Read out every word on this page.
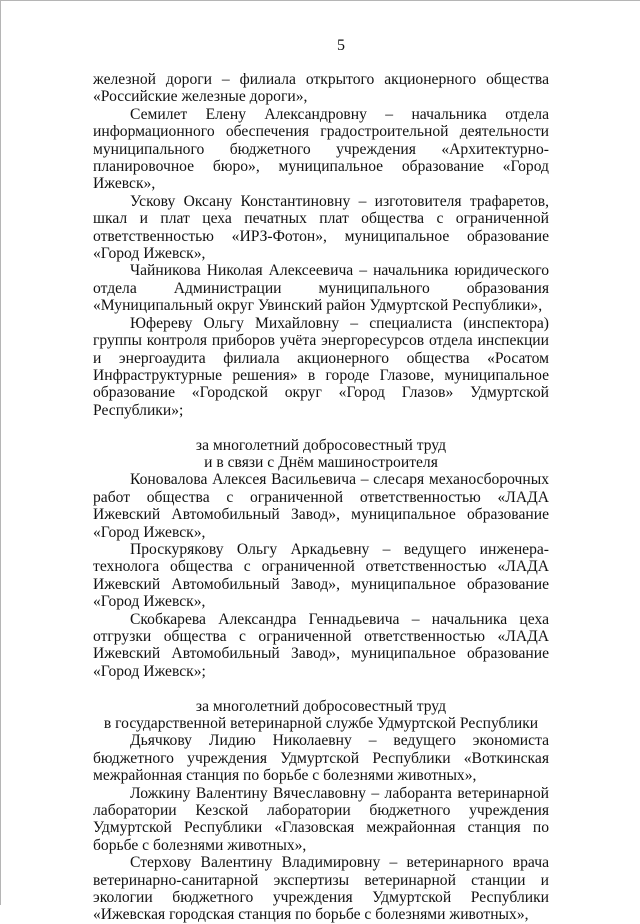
5

железной дороги – филиала открытого акционерного общества «Российские железные дороги»,

Семилет Елену Александровну – начальника отдела информационного обеспечения градостроительной деятельности муниципального бюджетного учреждения «Архитектурно-планировочное бюро», муниципальное образование «Город Ижевск»,

Ускову Оксану Константиновну – изготовителя трафаретов, шкал и плат цеха печатных плат общества с ограниченной ответственностью «ИРЗ-Фотон», муниципальное образование «Город Ижевск»,

Чайникова Николая Алексеевича – начальника юридического отдела Администрации муниципального образования «Муниципальный округ Увинский район Удмуртской Республики»,

Юфереву Ольгу Михайловну – специалиста (инспектора) группы контроля приборов учёта энергоресурсов отдела инспекции и энергоаудита филиала акционерного общества «Росатом Инфраструктурные решения» в городе Глазове, муниципальное образование «Городской округ «Город Глазов» Удмуртской Республики»;

за многолетний добросовестный труд

и в связи с Днём машиностроителя

Коновалова Алексея Васильевича – слесаря механосборочных работ общества с ограниченной ответственностью «ЛАДА Ижевский Автомобильный Завод», муниципальное образование «Город Ижевск»,

Проскурякову Ольгу Аркадьевну – ведущего инженера-технолога общества с ограниченной ответственностью «ЛАДА Ижевский Автомобильный Завод», муниципальное образование «Город Ижевск»,

Скобкарева Александра Геннадьевича – начальника цеха отгрузки общества с ограниченной ответственностью «ЛАДА Ижевский Автомобильный Завод», муниципальное образование «Город Ижевск»;

за многолетний добросовестный труд

в государственной ветеринарной службе Удмуртской Республики

Дьячкову Лидию Николаевну – ведущего экономиста бюджетного учреждения Удмуртской Республики «Воткинская межрайонная станция по борьбе с болезнями животных»,

Ложкину Валентину Вячеславовну – лаборанта ветеринарной лаборатории Кезской лаборатории бюджетного учреждения Удмуртской Республики «Глазовская межрайонная станция по борьбе с болезнями животных»,

Стерхову Валентину Владимировну – ветеринарного врача ветеринарно-санитарной экспертизы ветеринарной станции и экологии бюджетного учреждения Удмуртской Республики «Ижевская городская станция по борьбе с болезнями животных»,
